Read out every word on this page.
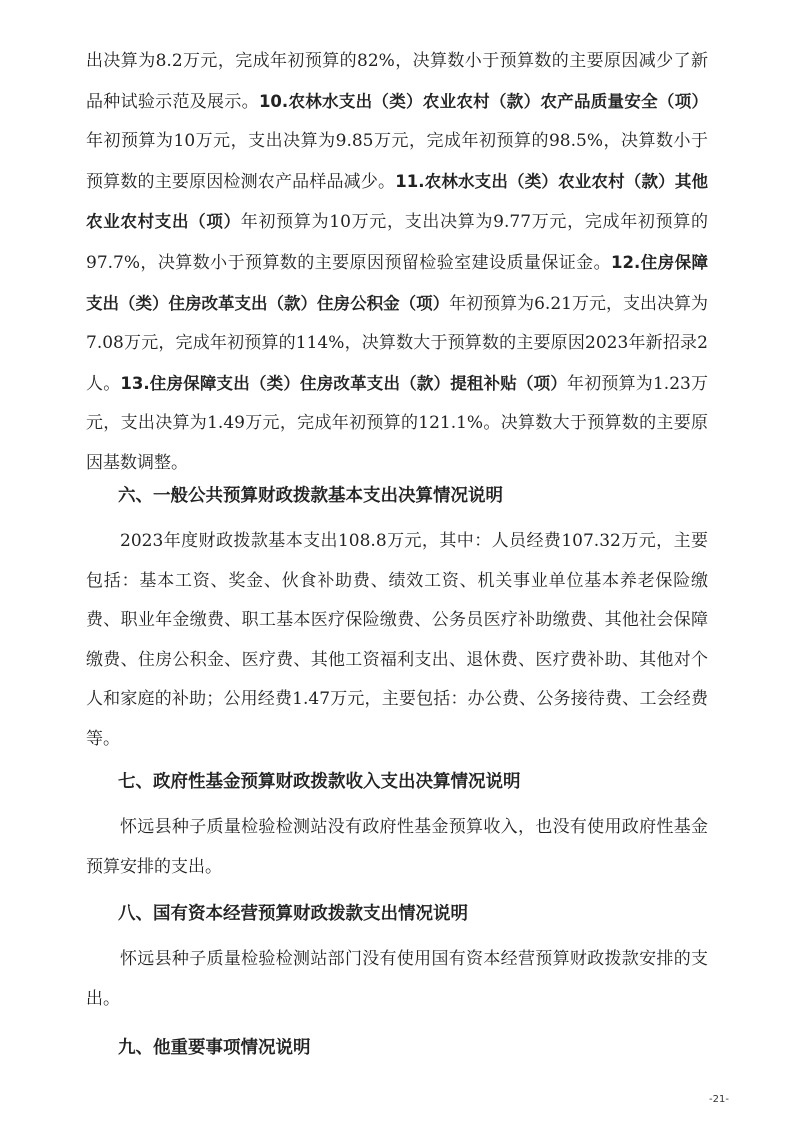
出决算为8.2万元，完成年初预算的82%，决算数小于预算数的主要原因减少了新品种试验示范及展示。10.农林水支出（类）农业农村（款）农产品质量安全（项）年初预算为10万元，支出决算为9.85万元，完成年初预算的98.5%，决算数小于预算数的主要原因检测农产品样品减少。11.农林水支出（类）农业农村（款）其他农业农村支出（项）年初预算为10万元，支出决算为9.77万元，完成年初预算的97.7%，决算数小于预算数的主要原因预留检验室建设质量保证金。12.住房保障支出（类）住房改革支出（款）住房公积金（项）年初预算为6.21万元，支出决算为7.08万元，完成年初预算的114%，决算数大于预算数的主要原因2023年新招录2人。13.住房保障支出（类）住房改革支出（款）提租补贴（项）年初预算为1.23万元，支出决算为1.49万元，完成年初预算的121.1%。决算数大于预算数的主要原因基数调整。

六、一般公共预算财政拨款基本支出决算情况说明

2023年度财政拨款基本支出108.8万元，其中：人员经费107.32万元，主要包括：基本工资、奖金、伙食补助费、绩效工资、机关事业单位基本养老保险缴费、职业年金缴费、职工基本医疗保险缴费、公务员医疗补助缴费、其他社会保障缴费、住房公积金、医疗费、其他工资福利支出、退休费、医疗费补助、其他对个人和家庭的补助；公用经费1.47万元，主要包括：办公费、公务接待费、工会经费等。

七、政府性基金预算财政拨款收入支出决算情况说明

怀远县种子质量检验检测站没有政府性基金预算收入，也没有使用政府性基金预算安排的支出。

八、国有资本经营预算财政拨款支出情况说明

怀远县种子质量检验检测站部门没有使用国有资本经营预算财政拨款安排的支出。

九、他重要事项情况说明
-21-
